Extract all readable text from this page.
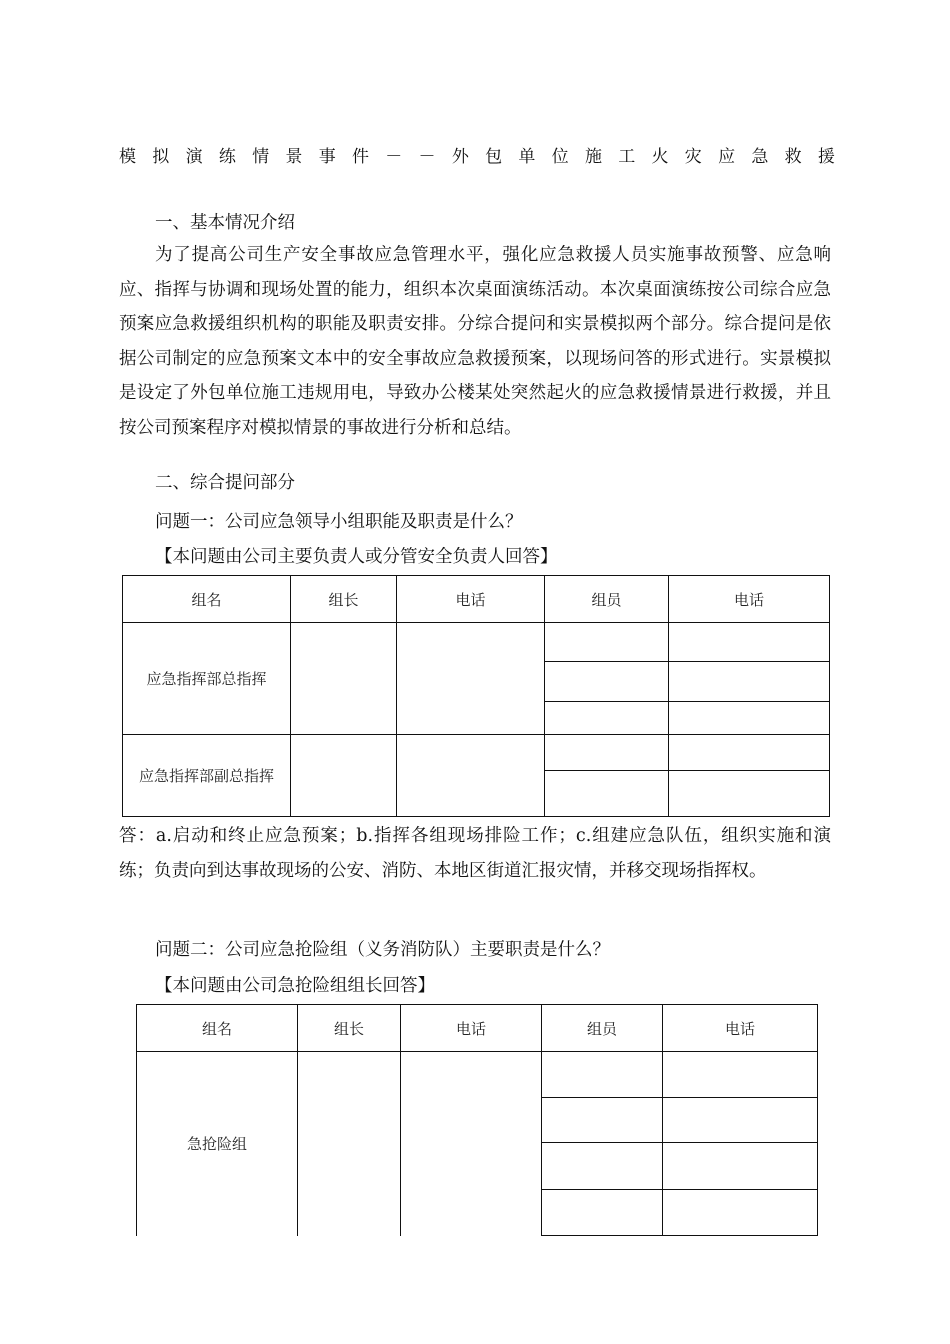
模 拟 演 练 情 景 事 件 － － 外 包 单 位 施 工 火 灾 应 急 救 援
一、基本情况介绍
为了提高公司生产安全事故应急管理水平，强化应急救援人员实施事故预警、应急响应、指挥与协调和现场处置的能力，组织本次桌面演练活动。本次桌面演练按公司综合应急预案应急救援组织机构的职能及职责安排。分综合提问和实景模拟两个部分。综合提问是依据公司制定的应急预案文本中的安全事故应急救援预案，以现场问答的形式进行。实景模拟是设定了外包单位施工违规用电，导致办公楼某处突然起火的应急救援情景进行救援，并且按公司预案程序对模拟情景的事故进行分析和总结。
二、综合提问部分
问题一：公司应急领导小组职能及职责是什么？
【本问题由公司主要负责人或分管安全负责人回答】
组名	组长	电话	组员	电话
应急指挥部总指挥				

应急指挥部副总指挥				

答：a.启动和终止应急预案；b.指挥各组现场排险工作；c.组建应急队伍，组织实施和演练；负责向到达事故现场的公安、消防、本地区街道汇报灾情，并移交现场指挥权。
问题二：公司应急抢险组（义务消防队）主要职责是什么？
【本问题由公司急抢险组组长回答】
组名	组长	电话	组员	电话
急抢险组				
